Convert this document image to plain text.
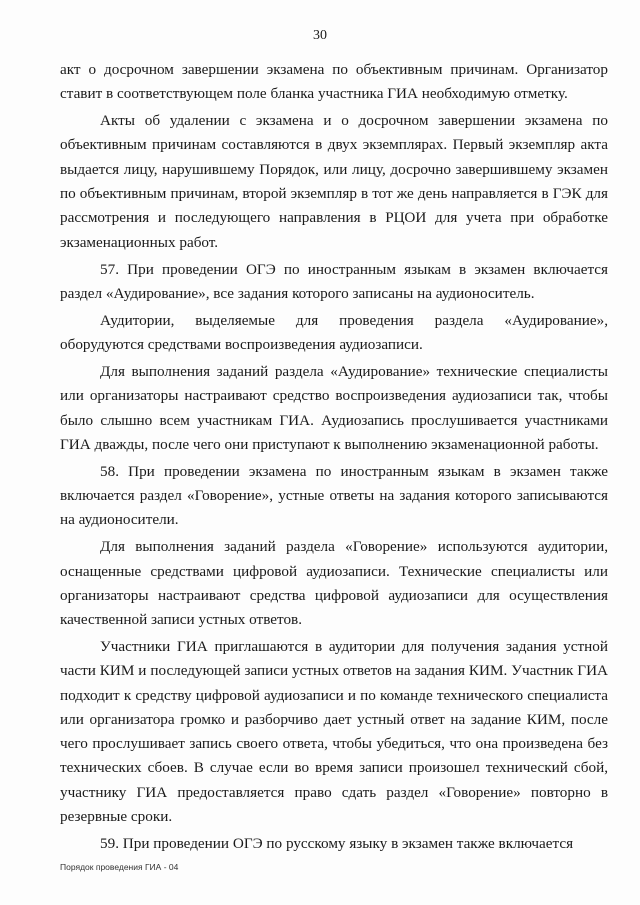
30

акт о досрочном завершении экзамена по объективным причинам. Организатор ставит в соответствующем поле бланка участника ГИА необходимую отметку.

Акты об удалении с экзамена и о досрочном завершении экзамена по объективным причинам составляются в двух экземплярах. Первый экземпляр акта выдается лицу, нарушившему Порядок, или лицу, досрочно завершившему экзамен по объективным причинам, второй экземпляр в тот же день направляется в ГЭК для рассмотрения и последующего направления в РЦОИ для учета при обработке экзаменационных работ.

57. При проведении ОГЭ по иностранным языкам в экзамен включается раздел «Аудирование», все задания которого записаны на аудионоситель.

Аудитории, выделяемые для проведения раздела «Аудирование», оборудуются средствами воспроизведения аудиозаписи.

Для выполнения заданий раздела «Аудирование» технические специалисты или организаторы настраивают средство воспроизведения аудиозаписи так, чтобы было слышно всем участникам ГИА. Аудиозапись прослушивается участниками ГИА дважды, после чего они приступают к выполнению экзаменационной работы.

58. При проведении экзамена по иностранным языкам в экзамен также включается раздел «Говорение», устные ответы на задания которого записываются на аудионосители.

Для выполнения заданий раздела «Говорение» используются аудитории, оснащенные средствами цифровой аудиозаписи. Технические специалисты или организаторы настраивают средства цифровой аудиозаписи для осуществления качественной записи устных ответов.

Участники ГИА приглашаются в аудитории для получения задания устной части КИМ и последующей записи устных ответов на задания КИМ. Участник ГИА подходит к средству цифровой аудиозаписи и по команде технического специалиста или организатора громко и разборчиво дает устный ответ на задание КИМ, после чего прослушивает запись своего ответа, чтобы убедиться, что она произведена без технических сбоев. В случае если во время записи произошел технический сбой, участнику ГИА предоставляется право сдать раздел «Говорение» повторно в резервные сроки.

59. При проведении ОГЭ по русскому языку в экзамен также включается

Порядок проведения ГИА - 04
